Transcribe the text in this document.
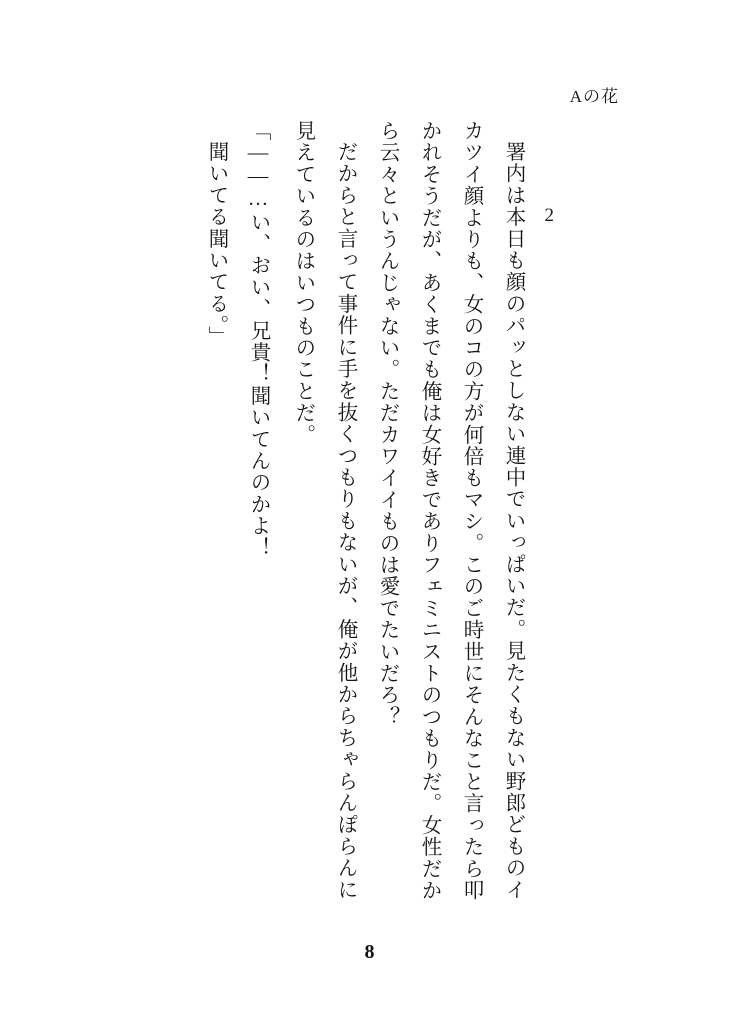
Aの花
2

署内は本日も顔のパッとしない連中でいっぱいだ。見たくもない野郎どものイカツイ顔よりも、女のコの方が何倍もマシ。このご時世にそんなこと言ったら叩かれそうだが、あくまでも俺は女好きでありフェミニストのつもりだ。女性だから云々というんじゃない。ただカワイイものは愛でたいだろ？

だからと言って事件に手を抜くつもりもないが、俺が他からちゃらんぽらんに見えているのはいつものことだ。

「――…い、おい、兄貴！聞いてんのかよ！

聞いてる聞いてる。」

8
